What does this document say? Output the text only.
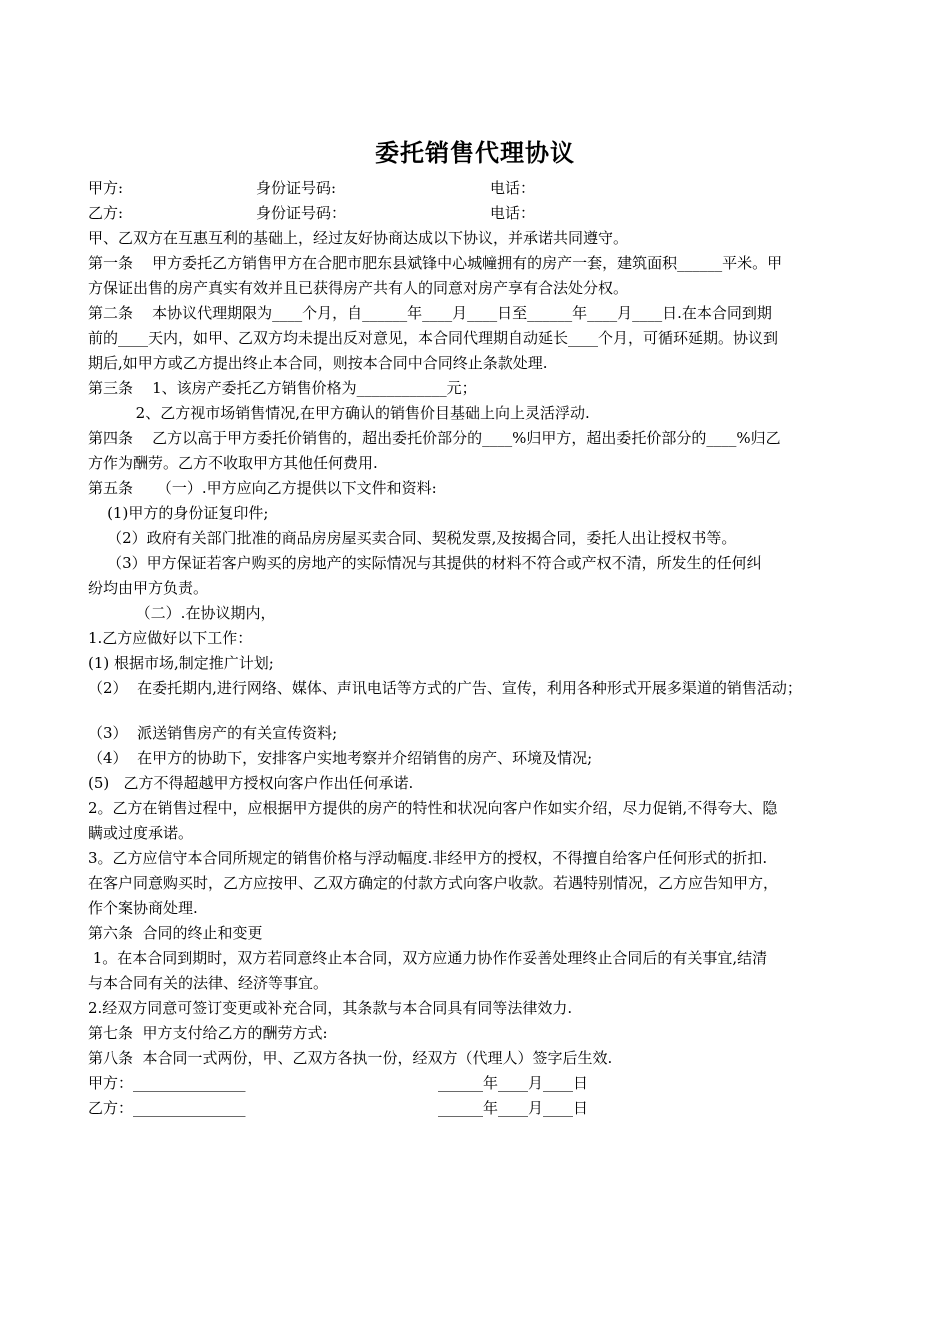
委托销售代理协议
甲方:	身份证号码:	电话：
乙方:	身份证号码：	电话：
甲、乙双方在互惠互利的基础上，经过友好协商达成以下协议，并承诺共同遵守。
第一条    甲方委托乙方销售甲方在合肥市肥东县斌锋中心城幢拥有的房产一套，建筑面积______平米。甲
方保证出售的房产真实有效并且已获得房产共有人的同意对房产享有合法处分权。
第二条    本协议代理期限为____个月，自______年____月____日至______年____月____日.在本合同到期
前的____天内，如甲、乙双方均未提出反对意见，本合同代理期自动延长____个月，可循环延期。协议到
期后,如甲方或乙方提出终止本合同，则按本合同中合同终止条款处理.
第三条    1、该房产委托乙方销售价格为____________元；
2、乙方视市场销售情况,在甲方确认的销售价目基础上向上灵活浮动.
第四条    乙方以高于甲方委托价销售的，超出委托价部分的____%归甲方，超出委托价部分的____%归乙
方作为酬劳。乙方不收取甲方其他任何费用.
第五条     （一）.甲方应向乙方提供以下文件和资料:
(1)甲方的身份证复印件;
（2）政府有关部门批准的商品房房屋买卖合同、契税发票,及按揭合同，委托人出让授权书等。
（3）甲方保证若客户购买的房地产的实际情况与其提供的材料不符合或产权不清，所发生的任何纠
纷均由甲方负责。
（二）.在协议期内，
1.乙方应做好以下工作：
(1) 根据市场,制定推广计划;
（2）  在委托期内,进行网络、媒体、声讯电话等方式的广告、宣传，利用各种形式开展多渠道的销售活动；
（3）  派送销售房产的有关宣传资料;
（4）  在甲方的协助下，安排客户实地考察并介绍销售的房产、环境及情况;
(5)   乙方不得超越甲方授权向客户作出任何承诺.
2。乙方在销售过程中，应根据甲方提供的房产的特性和状况向客户作如实介绍，尽力促销,不得夸大、隐
瞒或过度承诺。
3。乙方应信守本合同所规定的销售价格与浮动幅度.非经甲方的授权，不得擅自给客户任何形式的折扣.
在客户同意购买时，乙方应按甲、乙双方确定的付款方式向客户收款。若遇特别情况，乙方应告知甲方，
作个案协商处理.
第六条  合同的终止和变更
1。在本合同到期时，双方若同意终止本合同，双方应通力协作作妥善处理终止合同后的有关事宜,结清
与本合同有关的法律、经济等事宜。
2.经双方同意可签订变更或补充合同，其条款与本合同具有同等法律效力.
第七条  甲方支付给乙方的酬劳方式:
第八条  本合同一式两份，甲、乙双方各执一份，经双方（代理人）签字后生效.
甲方：_______________	______年____月____日
乙方：_______________	______年____月____日
